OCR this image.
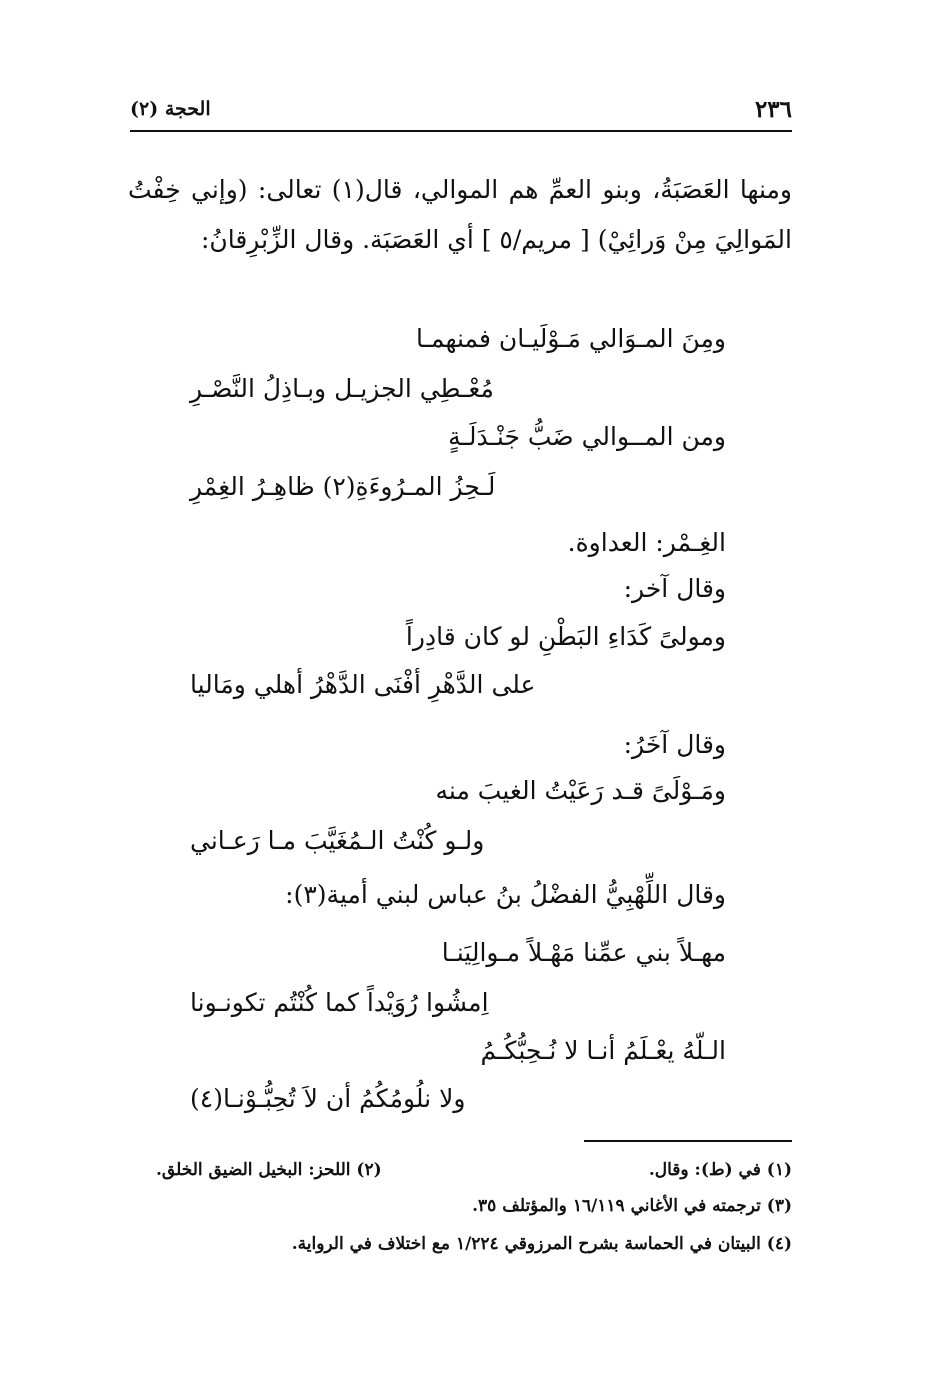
الحجة (٢)	٢٣٦
ومنها العَصَبَةُ، وبنو العمِّ هم الموالي، قال(١) تعالى: (وإني خِفْتُ المَوالِيَ مِنْ وَرائِيْ) [ مريم/٥ ] أي العَصَبَة. وقال الزِّبْرِقانُ:
ومِنَ المـوَالي مَـوْلَيـان فمنهمـا
مُعْـطِي الجزيـل وبـاذِلُ النَّصْـرِ
ومن المــوالي ضَبُّ جَنْـدَلَـةٍ
لَـحِزُ المـرُوءَةِ(٢) ظاهِـرُ الغِمْرِ
الغِـمْر: العداوة.
وقال آخر:
ومولىً كَدَاءِ البَطْنِ لو كان قادِراً
على الدَّهْرِ أفْنَى الدَّهْرُ أهلي ومَاليا
وقال آخَرُ:
ومَـوْلَىً قـد رَعَيْتُ الغيبَ منه
ولـو كُنْتُ الـمُغَيَّبَ مـا رَعـاني
وقال اللِّهْبِيُّ الفضْلُ بنُ عباس لبني أمية(٣):
مهـلاً بني عمِّنا مَهْـلاً مـوالِيَنـا
اِمشُوا رُوَيْداً كما كُنْتُم تكونـونا
الـلّهُ يعْـلَمُ أنـا لا نُـحِبُّكُـمُ
ولا نلُومُكُمُ أن لاَ تُحِبُّـوْنـا(٤)
(١) في (ط): وقال.
(٢) اللحز: البخيل الضيق الخلق.
(٣) ترجمته في الأغاني ١٦/١١٩ والمؤتلف ٣٥.
(٤) البيتان في الحماسة بشرح المرزوقي ١/٢٢٤ مع اختلاف في الرواية.
